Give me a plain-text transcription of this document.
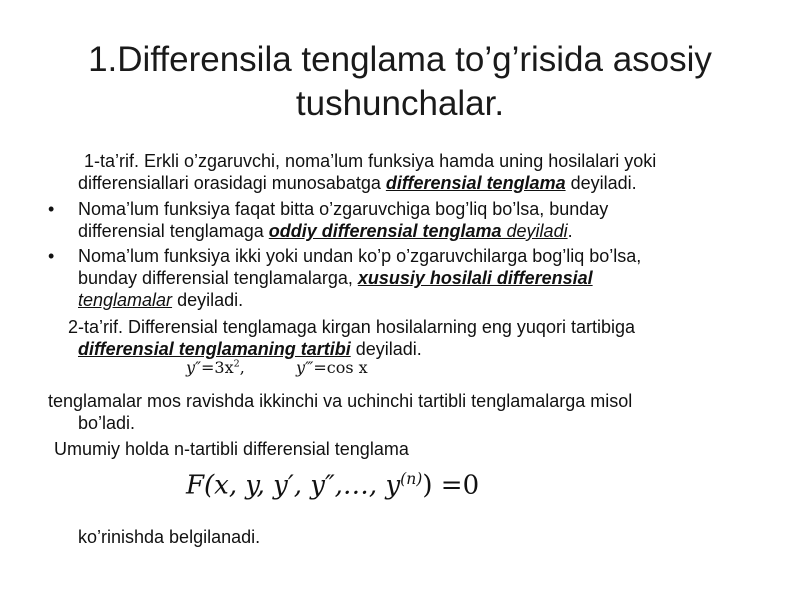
1.Differensila tenglama to’g’risida asosiy
tushunchalar.
1-ta’rif. Erkli o’zgaruvchi, noma’lum funksiya hamda uning hosilalari yoki
differensiallari orasidagi munosabatga differensial tenglama deyiladi.
• Noma’lum funksiya faqat bitta o’zgaruvchiga bog’liq bo’lsa, bunday
differensial tenglamaga oddiy differensial tenglama deyiladi.
• Noma’lum funksiya ikki yoki undan ko’p o’zgaruvchilarga bog’liq bo’lsa,
bunday differensial tenglamalarga, xususiy hosilali differensial
tenglamalar deyiladi.
2-ta’rif. Differensial tenglamaga kirgan hosilalarning eng yuqori tartibiga
differensial tenglamaning tartibi deyiladi.
$y''=3x^2$,	y‴=cos x
tenglamalar mos ravishda ikkinchi va uchinchi tartibli tenglamalarga misol
bo’ladi.
Umumiy holda n-tartibli differensial tenglama
F(x, y, y′, y″,…, $y^{(n)}) =0$
ko’rinishda belgilanadi.
